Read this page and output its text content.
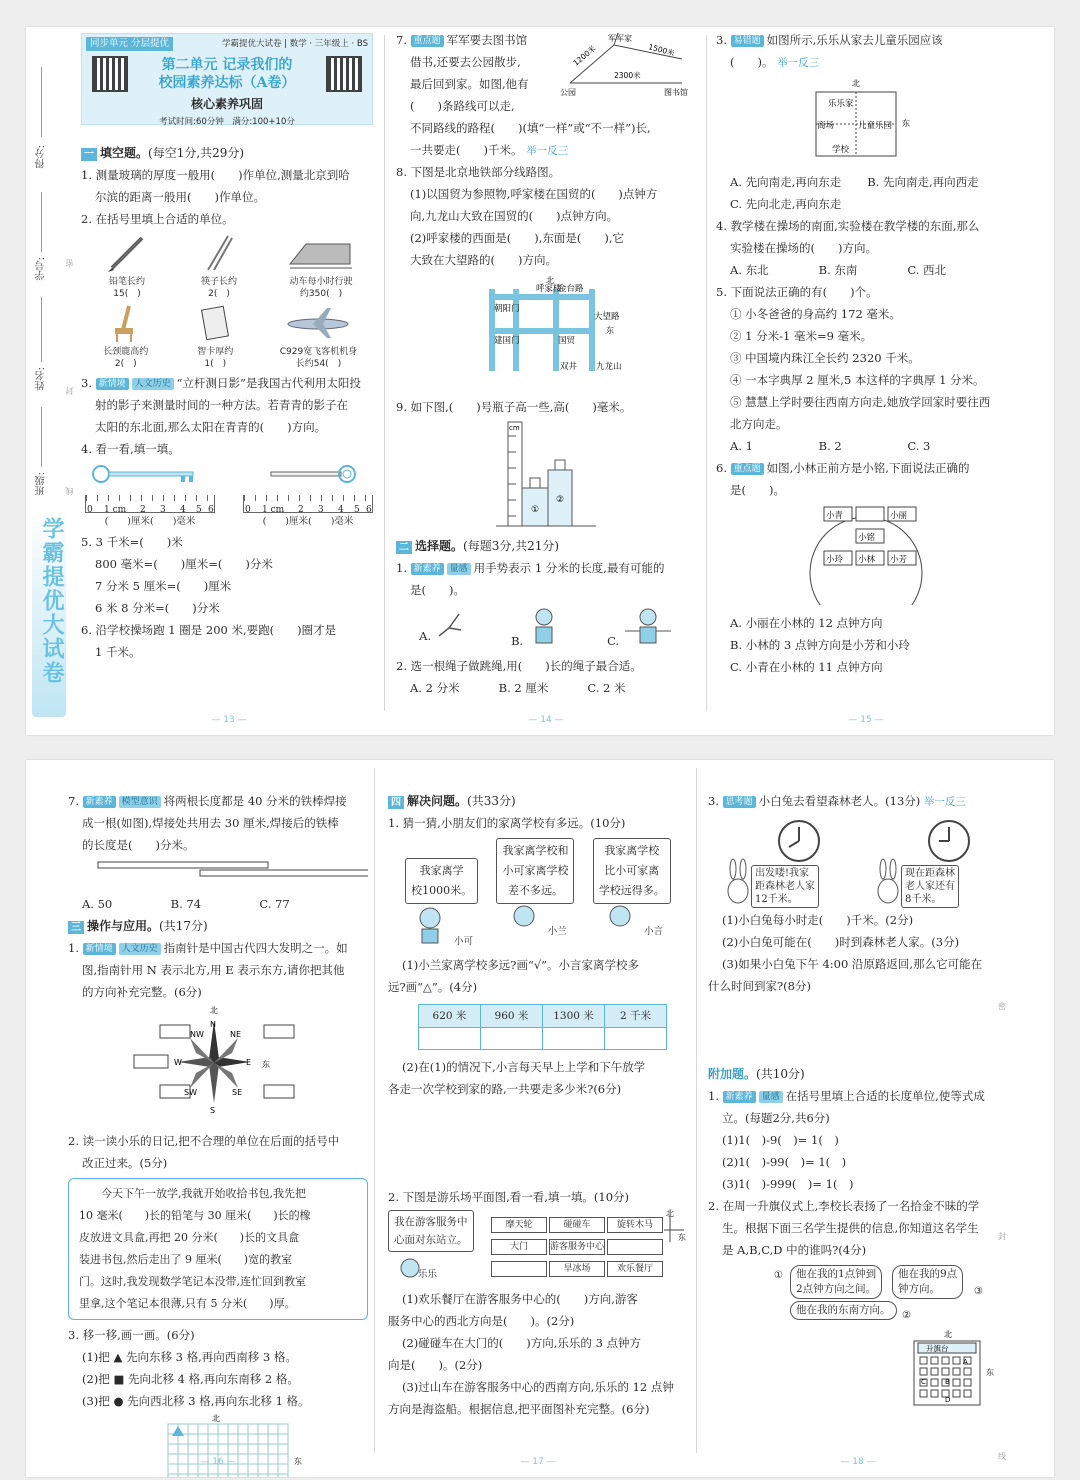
得分:
学号:
姓名:
班级:
密
封
线
学霸提优大试卷
同步单元 分层提优	学霸提优大试卷 | 数学 · 三年级上 · BS
第二单元 记录我们的
校园素养达标（A卷）
核心素养巩固
考试时间:60分钟　满分:100+10分

一 填空题。(每空1分,共29分)

1. 测量玻璃的厚度一般用(　　)作单位,测量北京到哈

尔滨的距离一般用(　　)作单位。

2. 在括号里填上合适的单位。

铅笔长约
15(　)

筷子长约
2(　)

动车每小时行驶
约350(　)

长颈鹿高约
2(　)

智卡厚约
1(　)

C929宽飞客机机身
长约54(　)

3. 新情境 人文历史 “立杆测日影”是我国古代利用太阳投

射的影子来测量时间的一种方法。若青青的影子在

太阳的东北面,那么太阳在青青的(　　)方向。

4. 看一看,填一填。

0 1 cm 2 3 4 5 6
(　　)厘米(　　)毫米
0 1 cm 2 3 4 5 6
(　　)厘米(　　)毫米

5. 3 千米=(　　)米

800 毫米=(　　)厘米=(　　)分米

7 分米 5 厘米=(　　)厘米

6 米 8 分米=(　　)分米

6. 沿学校操场跑 1 圈是 200 米,要跑(　　)圈才是

1 千米。

— 13 —

7. 重点题 军军要去图书馆

借书,还要去公园散步,

最后回到家。如图,他有

(　　)条路线可以走,

军军家
公园	图书馆
1200米	1500米
2300米

不同路线的路程(　　)(填“一样”或“不一样”)长,

一共要走(　　)千米。 举一反三

8. 下图是北京地铁部分线路图。

(1)以国贸为参照物,呼家楼在国贸的(　　)点钟方

向,九龙山大致在国贸的(　　)点钟方向。

(2)呼家楼的西面是(　　),东面是(　　),它

大致在大望路的(　　)方向。

北
东
金台路
朝阳门
呼家楼
大望路
建国门	国贸
双井 九龙山

9. 如下图,(　　)号瓶子高一些,高(　　)毫米。

cm
①
②

二 选择题。(每题3分,共21分)

1. 新素养 量感 用手势表示 1 分米的长度,最有可能的

是(　　)。

A.	B.	C.

2. 选一根绳子做跳绳,用(　　)长的绳子最合适。

A. 2 分米	B. 2 厘米	C. 2 米

— 14 —

3. 易错题 如图所示,乐乐从家去儿童乐园应该

(　　)。 举一反三

北
乐乐家
商场	儿童乐园
学校
东

A. 先向南走,再向东走 B. 先向南走,再向西走

C. 先向北走,再向东走

4. 教学楼在操场的南面,实验楼在教学楼的东面,那么

实验楼在操场的(　　)方向。

A. 东北	B. 东南	C. 西北

5. 下面说法正确的有(　　)个。

① 小冬爸爸的身高约 172 毫米。

② 1 分米-1 毫米=9 毫米。

③ 中国境内珠江全长约 2320 千米。

④ 一本字典厚 2 厘米,5 本这样的字典厚 1 分米。

⑤ 慧慧上学时要往西南方向走,她放学回家时要往西

北方向走。

A. 1	B. 2	C. 3

6. 重点题 如图,小林正前方是小铭,下面说法正确的

是(　　)。

小青	小丽
小铭
小玲 小林 小芳

A. 小丽在小林的 12 点钟方向

B. 小林的 3 点钟方向是小芳和小玲

C. 小青在小林的 11 点钟方向

— 15 —

7. 新素养 模型意识 将两根长度都是 40 分米的铁棒焊接

成一根(如图),焊接处共用去 30 厘米,焊接后的铁棒

的长度是(　　)分米。

A. 50	B. 74	C. 77

三 操作与应用。(共17分)

1. 新情境 人文历史 指南针是中国古代四大发明之一。如

图,指南针用 N 表示北方,用 E 表示东方,请你把其他

的方向补充完整。(6分)

北
N
NW	NE
W	E
SW	SE
S
东

2. 读一读小乐的日记,把不合理的单位在后面的括号中

改正过来。(5分)

今天下午一放学,我就开始收拾书包,我先把

10 毫米(　　)长的铅笔与 30 厘米(　　)长的橡

皮放进文具盒,再把 20 分米(　　)长的文具盒

装进书包,然后走出了 9 厘米(　　)宽的教室

门。这时,我发现数学笔记本没带,连忙回到教室

里拿,这个笔记本很薄,只有 5 分米(　　)厚。

3. 移一移,画一画。(6分)

(1)把 ▲ 先向东移 3 格,再向西南移 3 格。

(2)把 ■ 先向北移 4 格,再向东南移 2 格。

(3)把 ● 先向西北移 3 格,再向东北移 1 格。

北
东
— 16 —

四 解决问题。(共33分)

1. 猜一猜,小朋友们的家离学校有多远。(10分)

我家离学
校1000米。
小可
我家离学校和
小可家离学校
差不多远。
小兰
我家离学校
比小可家离
学校远得多。
小言

(1)小兰家离学校多远?画“√”。小言家离学校多

远?画“△”。(4分)

620 米	960 米	1300 米	2 千米

(2)在(1)的情况下,小言每天早上上学和下午放学

各走一次学校到家的路,一共要走多少米?(6分)

2. 下图是游乐场平面图,看一看,填一填。(10分)

我在游客服务中
心面对东站立。
乐乐
摩天轮	碰碰车	旋转木马 大门 游客服务中心   旱冰场	欢乐餐厅
北
东

(1)欢乐餐厅在游客服务中心的(　　)方向,游客

服务中心的西北方向是(　　)。(2分)

(2)碰碰车在大门的(　　)方向,乐乐的 3 点钟方

向是(　　)。(2分)

(3)过山车在游客服务中心的西南方向,乐乐的 12 点钟

方向是海盗船。根据信息,把平面图补充完整。(6分)

— 17 —

3. 思考题 小白兔去看望森林老人。(13分) 举一反三

出发喽!我家
距森林老人家
12千米。
现在距森林
老人家还有
8千米。

(1)小白兔每小时走(　　)千米。(2分)

(2)小白兔可能在(　　)时到森林老人家。(3分)

(3)如果小白兔下午 4:00 沿原路返回,那么它可能在

什么时间到家?(8分)

附加题。(共10分)

1. 新素养 量感 在括号里填上合适的长度单位,使等式成

立。(每题2分,共6分)

(1)1(　)-9(　)= 1(　)

(2)1(　)-99(　)= 1(　)

(3)1(　)-999(　)= 1(　)

2. 在周一升旗仪式上,李校长表扬了一名拾金不昧的学

生。根据下面三名学生提供的信息,你知道这名学生

是 A,B,C,D 中的谁吗?(4分)

①	他在我的1点钟到
2点钟方向之间。
他在我的9点
钟方向。	③
他在我的东南方向。	②
北
升旗台
A
B
C
D
东
密
封
线
— 18 —
